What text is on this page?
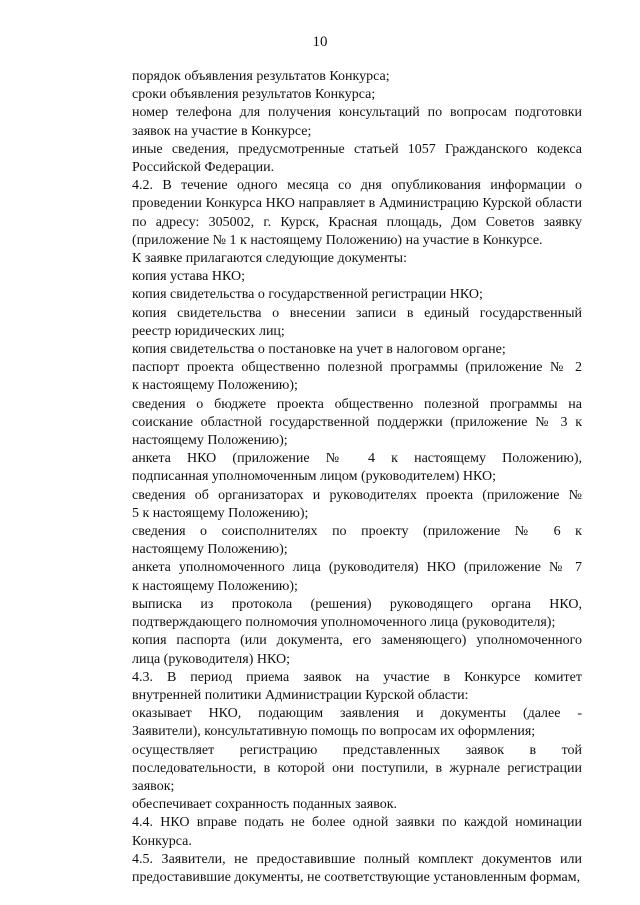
10
порядок объявления результатов Конкурса;
сроки объявления результатов Конкурса;
номер телефона для получения консультаций по вопросам подготовки
заявок на участие в Конкурсе;
иные сведения, предусмотренные статьей 1057 Гражданского кодекса
Российской Федерации.
4.2. В течение одного месяца со дня опубликования информации о
проведении Конкурса НКО направляет в Администрацию Курской области
по адресу: 305002, г. Курск, Красная площадь, Дом Советов заявку
(приложение № 1 к настоящему Положению) на участие в Конкурсе.
К заявке прилагаются следующие документы:
копия устава НКО;
копия свидетельства о государственной регистрации НКО;
копия свидетельства о внесении записи в единый государственный
реестр юридических лиц;
копия свидетельства о постановке на учет в налоговом органе;
паспорт проекта общественно полезной программы (приложение № 2
к настоящему Положению);
сведения о бюджете проекта общественно полезной программы на
соискание областной государственной поддержки (приложение № 3 к
настоящему Положению);
анкета НКО (приложение № 4 к настоящему Положению),
подписанная уполномоченным лицом (руководителем) НКО;
сведения об организаторах и руководителях проекта (приложение №
5 к настоящему Положению);
сведения о соисполнителях по проекту (приложение № 6 к
настоящему Положению);
анкета уполномоченного лица (руководителя) НКО (приложение № 7
к настоящему Положению);
выписка из протокола (решения) руководящего органа НКО,
подтверждающего полномочия уполномоченного лица (руководителя);
копия паспорта (или документа, его заменяющего) уполномоченного
лица (руководителя) НКО;
4.3. В период приема заявок на участие в Конкурсе комитет
внутренней политики Администрации Курской области:
оказывает НКО, подающим заявления и документы (далее -
Заявители), консультативную помощь по вопросам их оформления;
осуществляет регистрацию представленных заявок в той
последовательности, в которой они поступили, в журнале регистрации
заявок;
обеспечивает сохранность поданных заявок.
4.4. НКО вправе подать не более одной заявки по каждой номинации
Конкурса.
4.5. Заявители, не предоставившие полный комплект документов или
предоставившие документы, не соответствующие установленным формам,
